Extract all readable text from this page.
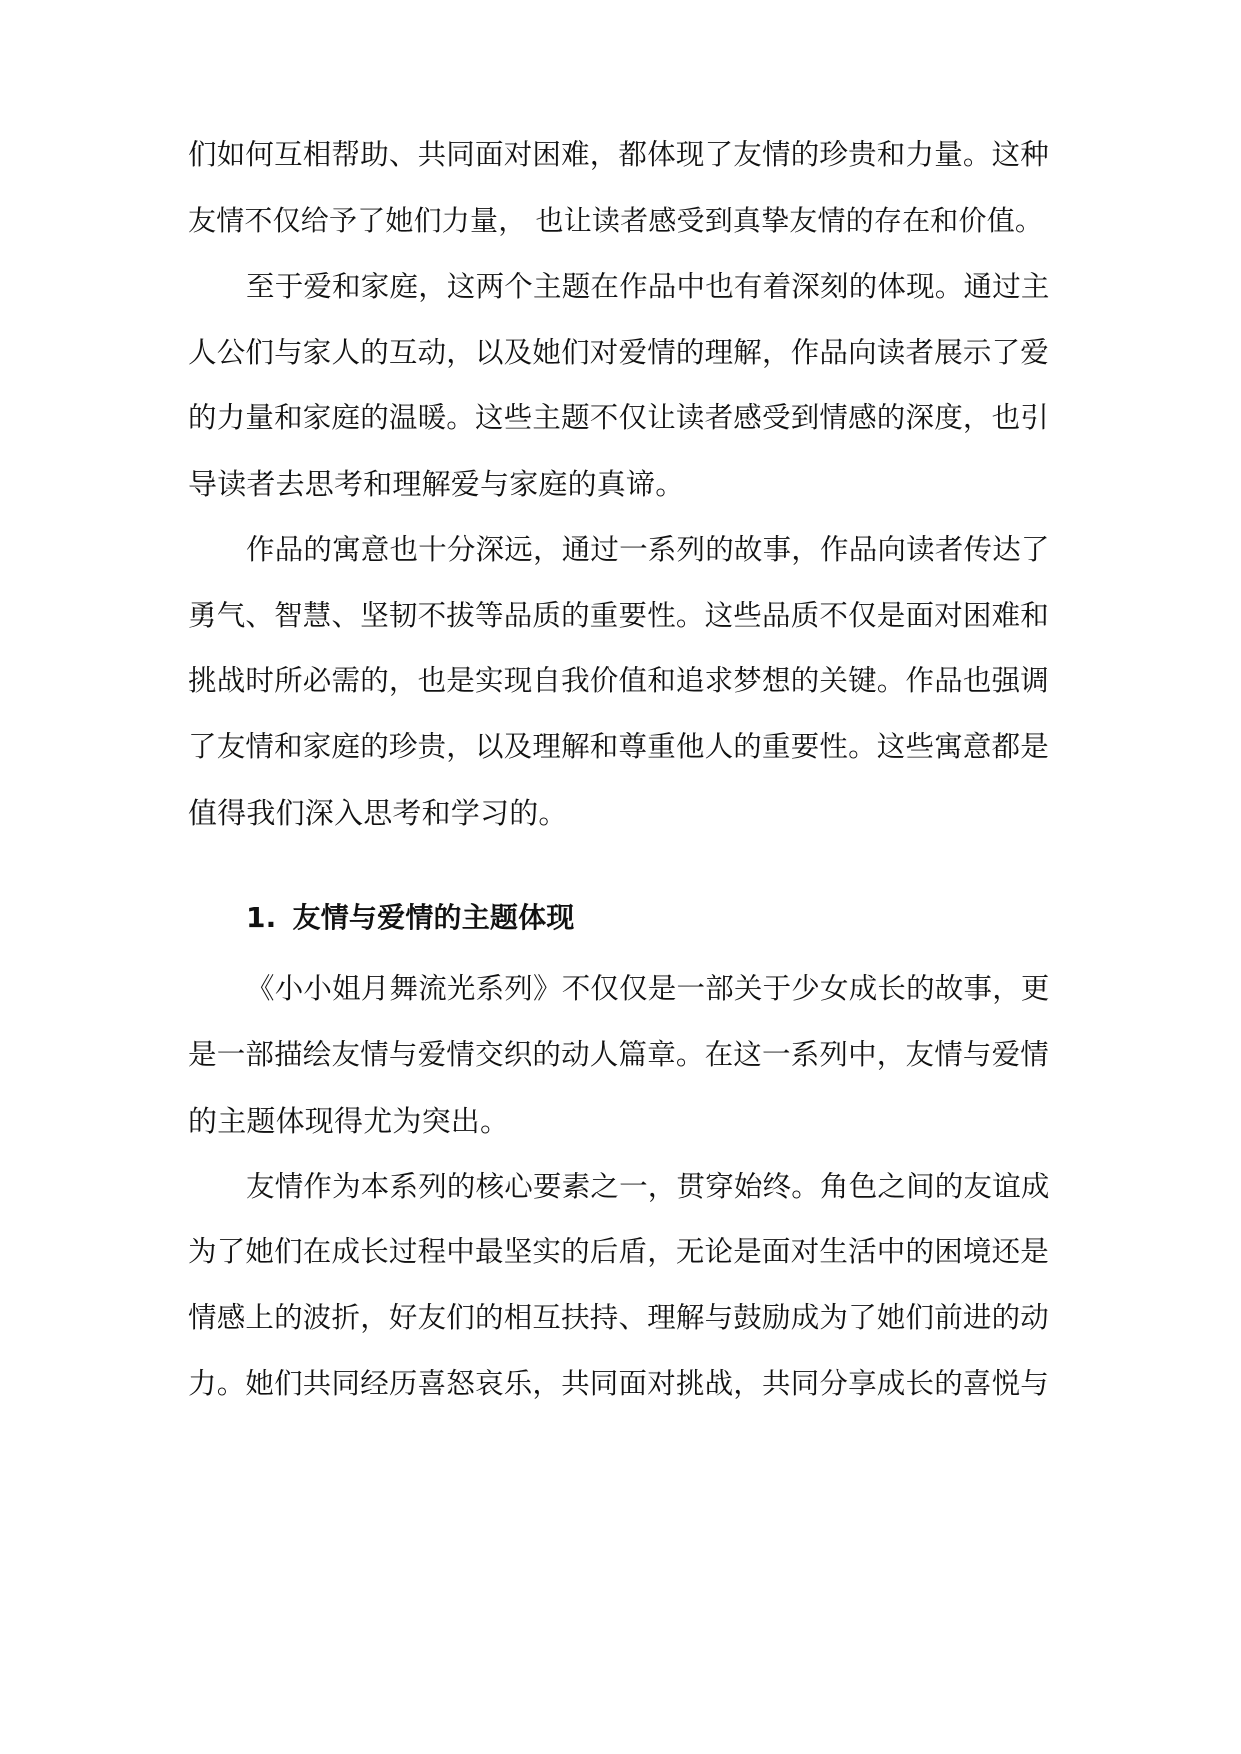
们如何互相帮助、共同面对困难，都体现了友情的珍贵和力量。这种
友情不仅给予了她们力量， 也让读者感受到真挚友情的存在和价值。
至于爱和家庭，这两个主题在作品中也有着深刻的体现。通过主
人公们与家人的互动，以及她们对爱情的理解，作品向读者展示了爱
的力量和家庭的温暖。这些主题不仅让读者感受到情感的深度，也引
导读者去思考和理解爱与家庭的真谛。
作品的寓意也十分深远，通过一系列的故事，作品向读者传达了
勇气、智慧、坚韧不拔等品质的重要性。这些品质不仅是面对困难和
挑战时所必需的，也是实现自我价值和追求梦想的关键。作品也强调
了友情和家庭的珍贵，以及理解和尊重他人的重要性。这些寓意都是
值得我们深入思考和学习的。
1. 友情与爱情的主题体现
《小小姐月舞流光系列》不仅仅是一部关于少女成长的故事，更
是一部描绘友情与爱情交织的动人篇章。在这一系列中，友情与爱情
的主题体现得尤为突出。
友情作为本系列的核心要素之一，贯穿始终。角色之间的友谊成
为了她们在成长过程中最坚实的后盾，无论是面对生活中的困境还是
情感上的波折，好友们的相互扶持、理解与鼓励成为了她们前进的动
力。她们共同经历喜怒哀乐，共同面对挑战，共同分享成长的喜悦与
